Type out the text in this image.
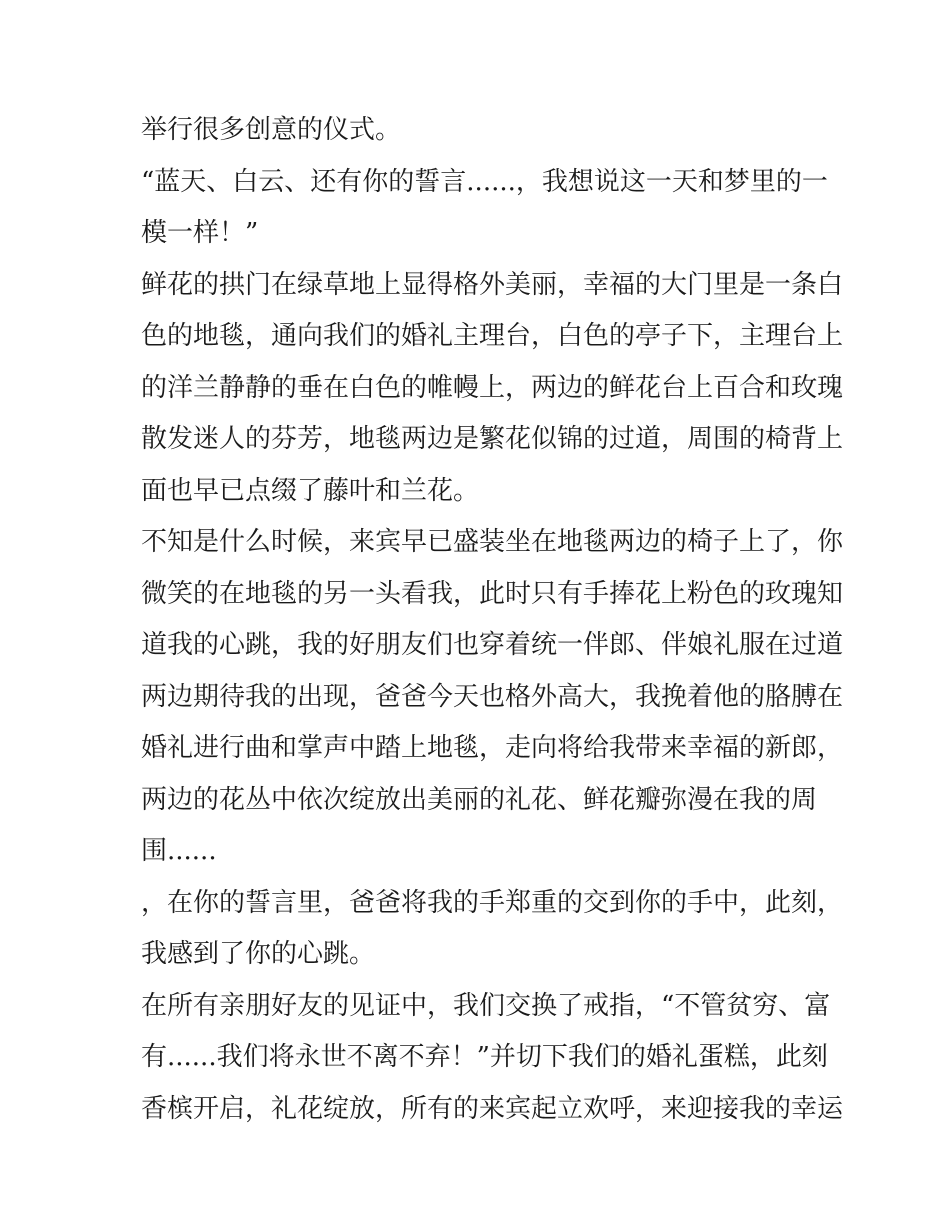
举行很多创意的仪式。
“蓝天、白云、还有你的誓言......，我想说这一天和梦里的一
模一样！”
鲜花的拱门在绿草地上显得格外美丽，幸福的大门里是一条白
色的地毯，通向我们的婚礼主理台，白色的亭子下，主理台上
的洋兰静静的垂在白色的帷幔上，两边的鲜花台上百合和玫瑰
散发迷人的芬芳，地毯两边是繁花似锦的过道，周围的椅背上
面也早已点缀了藤叶和兰花。
不知是什么时候，来宾早已盛装坐在地毯两边的椅子上了，你
微笑的在地毯的另一头看我，此时只有手捧花上粉色的玫瑰知
道我的心跳，我的好朋友们也穿着统一伴郎、伴娘礼服在过道
两边期待我的出现，爸爸今天也格外高大，我挽着他的胳膊在
婚礼进行曲和掌声中踏上地毯，走向将给我带来幸福的新郎，
两边的花丛中依次绽放出美丽的礼花、鲜花瓣弥漫在我的周
围......
，在你的誓言里，爸爸将我的手郑重的交到你的手中，此刻，
我感到了你的心跳。
在所有亲朋好友的见证中，我们交换了戒指，“不管贫穷、富
有......我们将永世不离不弃！”并切下我们的婚礼蛋糕，此刻
香槟开启，礼花绽放，所有的来宾起立欢呼，来迎接我的幸运
